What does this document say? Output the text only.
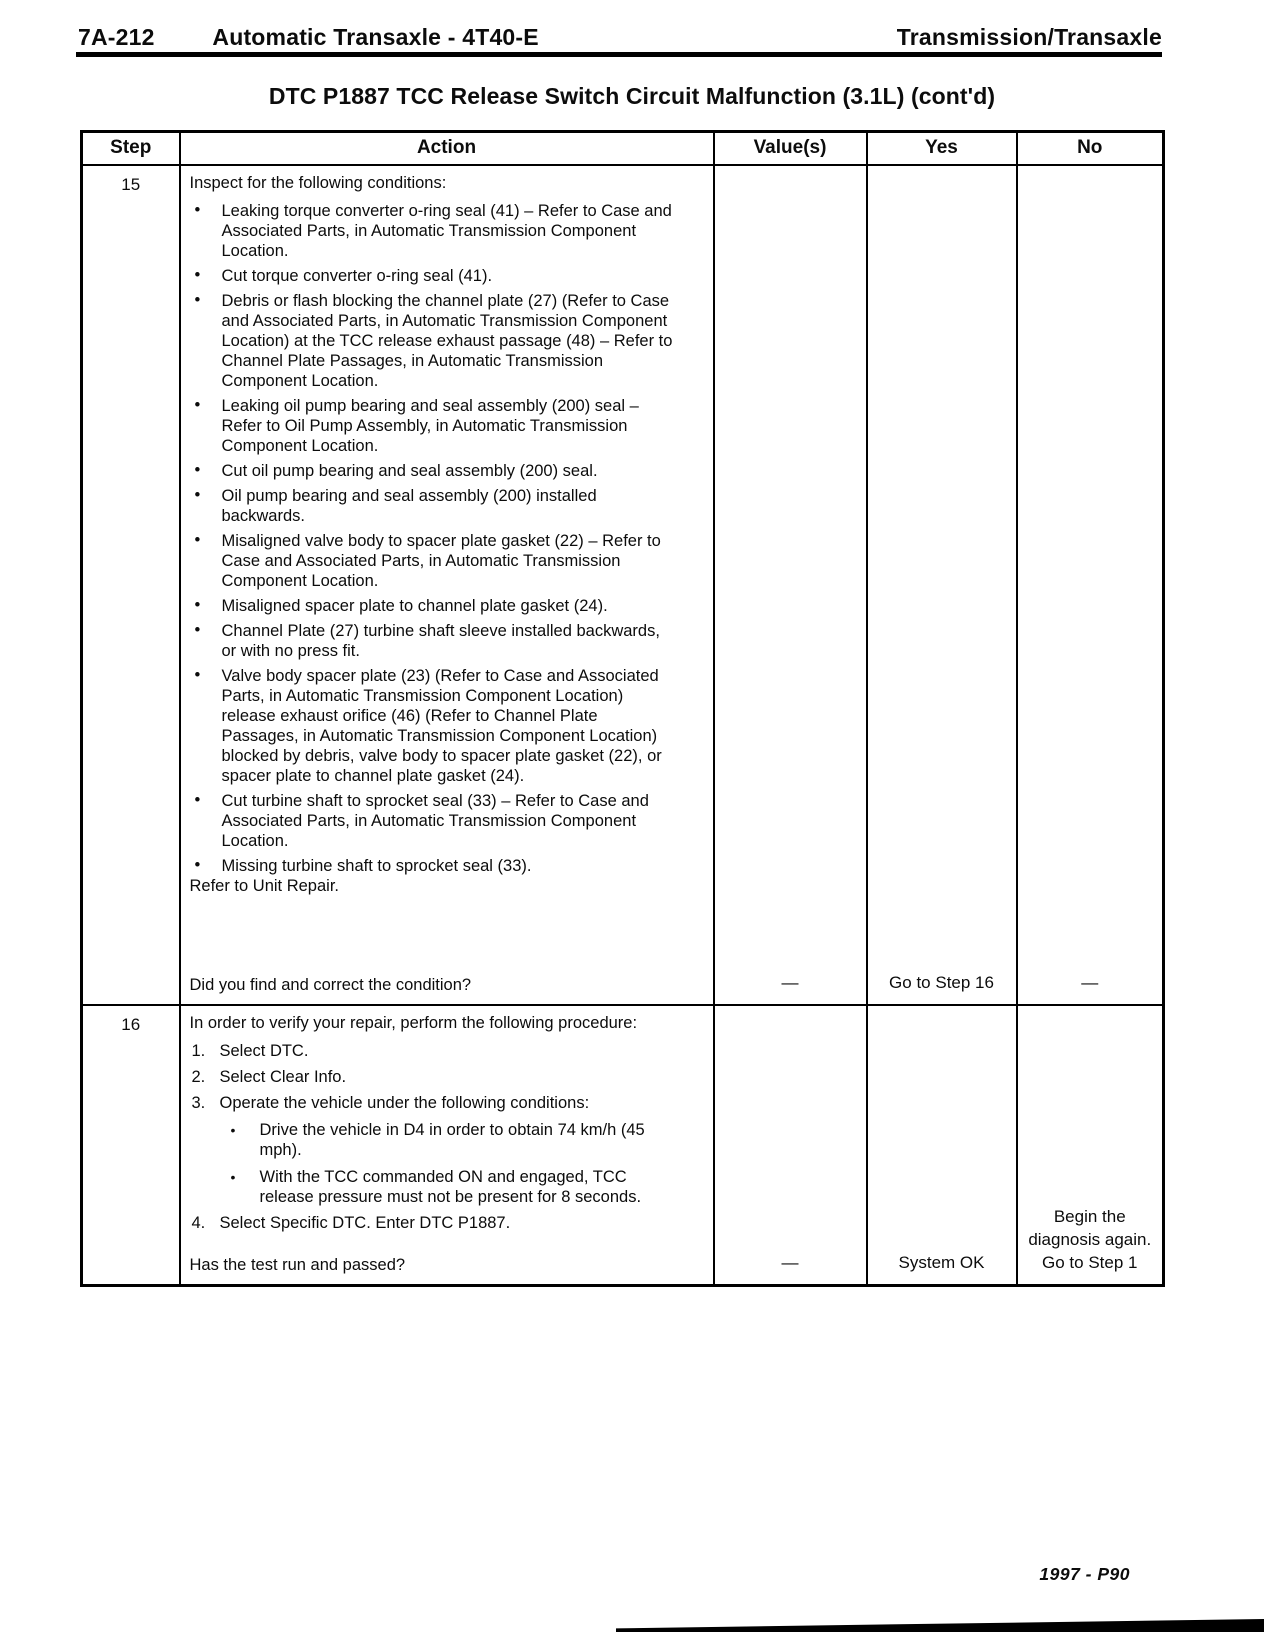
7A-212	Automatic Transaxle - 4T40-E	Transmission/Transaxle
DTC P1887 TCC Release Switch Circuit Malfunction (3.1L) (cont'd)
Step	Action	Value(s)	Yes	No
15	Inspect for the following conditions:

• Leaking torque converter o-ring seal (41) – Refer to Case and Associated Parts, in Automatic Transmission Component Location.
• Cut torque converter o-ring seal (41).
• Debris or flash blocking the channel plate (27) (Refer to Case and Associated Parts, in Automatic Transmission Component Location) at the TCC release exhaust passage (48) – Refer to Channel Plate Passages, in Automatic Transmission Component Location.
• Leaking oil pump bearing and seal assembly (200) seal – Refer to Oil Pump Assembly, in Automatic Transmission Component Location.
• Cut oil pump bearing and seal assembly (200) seal.
• Oil pump bearing and seal assembly (200) installed backwards.
• Misaligned valve body to spacer plate gasket (22) – Refer to Case and Associated Parts, in Automatic Transmission Component Location.
• Misaligned spacer plate to channel plate gasket (24).
• Channel Plate (27) turbine shaft sleeve installed backwards, or with no press fit.
• Valve body spacer plate (23) (Refer to Case and Associated Parts, in Automatic Transmission Component Location) release exhaust orifice (46) (Refer to Channel Plate Passages, in Automatic Transmission Component Location) blocked by debris, valve body to spacer plate gasket (22), or spacer plate to channel plate gasket (24).
• Cut turbine shaft to sprocket seal (33) – Refer to Case and Associated Parts, in Automatic Transmission Component Location.
• Missing turbine shaft to sprocket seal (33).

Refer to Unit Repair.

Did you find and correct the condition?	—	Go to Step 16	—
16	In order to verify your repair, perform the following procedure:

1. Select DTC.
2. Select Clear Info.
3. Operate the vehicle under the following conditions:
• Drive the vehicle in D4 in order to obtain 74 km/h (45 mph).
• With the TCC commanded ON and engaged, TCC release pressure must not be present for 8 seconds.
4. Select Specific DTC. Enter DTC P1887.

Has the test run and passed?	—	System OK	Begin the diagnosis again. Go to Step 1
1997 - P90
